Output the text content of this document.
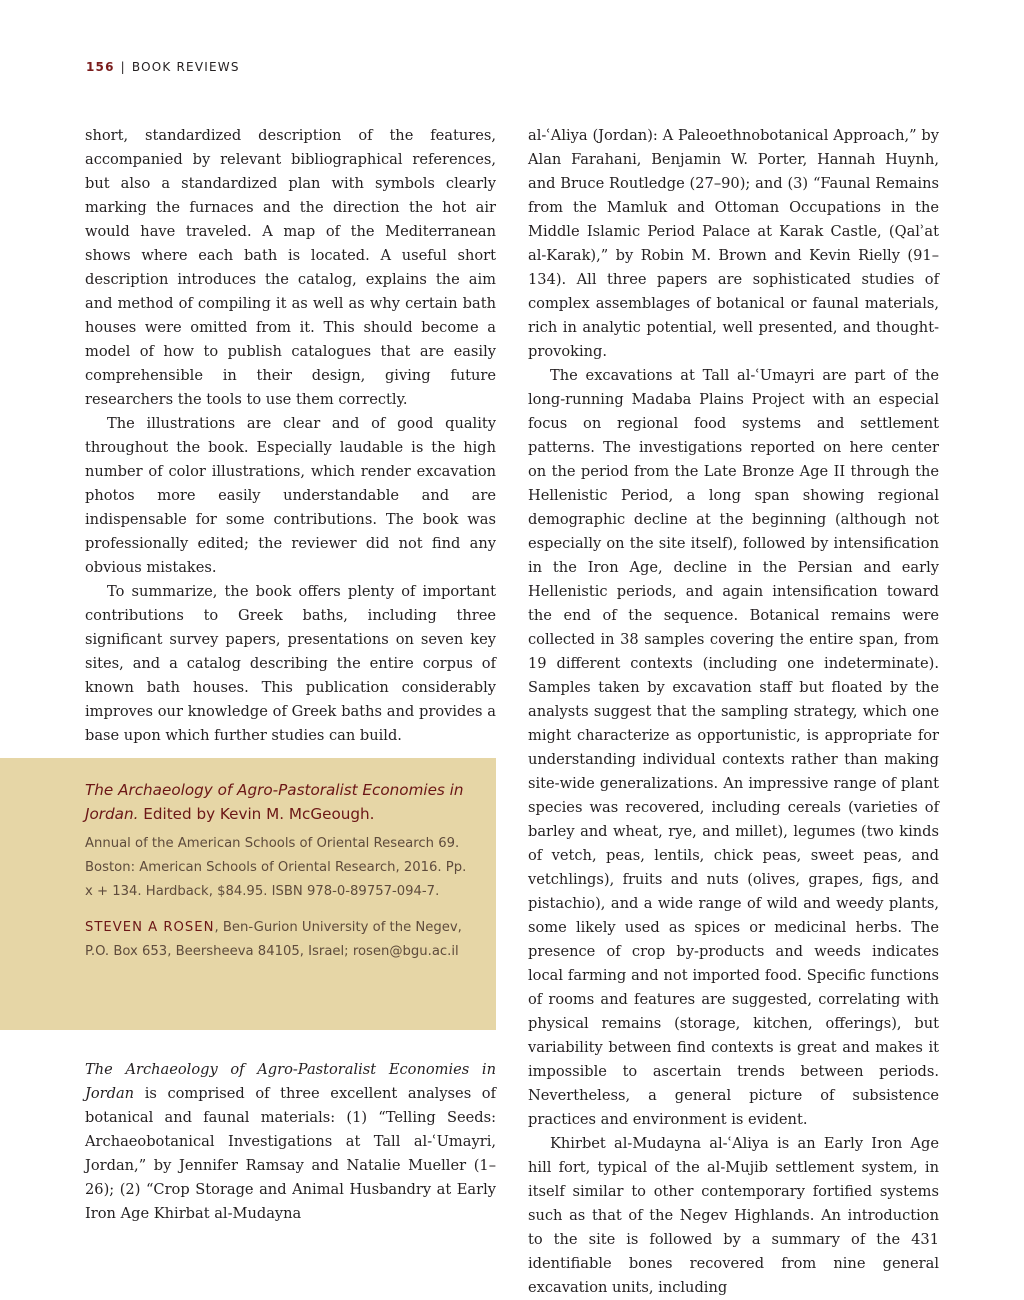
156 | BOOK REVIEWS

short, standardized description of the features, accompanied by relevant bibliographical references, but also a standardized plan with symbols clearly marking the furnaces and the direction the hot air would have traveled. A map of the Mediterranean shows where each bath is located. A useful short description introduces the catalog, explains the aim and method of compiling it as well as why certain bath houses were omitted from it. This should become a model of how to publish catalogues that are easily comprehensible in their design, giving future researchers the tools to use them correctly.

The illustrations are clear and of good quality throughout the book. Especially laudable is the high number of color illustrations, which render excavation photos more easily understandable and are indispensable for some contributions. The book was professionally edited; the reviewer did not find any obvious mistakes.

To summarize, the book offers plenty of important contributions to Greek baths, including three significant survey papers, presentations on seven key sites, and a catalog describing the entire corpus of known bath houses. This publication considerably improves our knowledge of Greek baths and provides a base upon which further studies can build.

The Archaeology of Agro-Pastoralist Economies in Jordan. Edited by Kevin M. McGeough.

Annual of the American Schools of Oriental Research 69. Boston: American Schools of Oriental Research, 2016. Pp. x + 134. Hardback, $84.95. ISBN 978-0-89757-094-7.

STEVEN A ROSEN, Ben-Gurion University of the Negev, P.O. Box 653, Beersheeva 84105, Israel; rosen@bgu.ac.il

The Archaeology of Agro-Pastoralist Economies in Jordan is comprised of three excellent analyses of botanical and faunal materials: (1) “Telling Seeds: Archaeobotanical Investigations at Tall al-ʿUmayri, Jordan,” by Jennifer Ramsay and Natalie Mueller (1–26); (2) “Crop Storage and Animal Husbandry at Early Iron Age Khirbat al-Mudayna

al-ʿAliya (Jordan): A Paleoethnobotanical Approach,” by Alan Farahani, Benjamin W. Porter, Hannah Huynh, and Bruce Routledge (27–90); and (3) “Faunal Remains from the Mamluk and Ottoman Occupations in the Middle Islamic Period Palace at Karak Castle, (Qalʾat al-Karak),” by Robin M. Brown and Kevin Rielly (91–134). All three papers are sophisticated studies of complex assemblages of botanical or faunal materials, rich in analytic potential, well presented, and thought-provoking.

The excavations at Tall al-ʿUmayri are part of the long-running Madaba Plains Project with an especial focus on regional food systems and settlement patterns. The investigations reported on here center on the period from the Late Bronze Age II through the Hellenistic Period, a long span showing regional demographic decline at the beginning (although not especially on the site itself), followed by intensification in the Iron Age, decline in the Persian and early Hellenistic periods, and again intensification toward the end of the sequence. Botanical remains were collected in 38 samples covering the entire span, from 19 different contexts (including one indeterminate). Samples taken by excavation staff but floated by the analysts suggest that the sampling strategy, which one might characterize as opportunistic, is appropriate for understanding individual contexts rather than making site-wide generalizations. An impressive range of plant species was recovered, including cereals (varieties of barley and wheat, rye, and millet), legumes (two kinds of vetch, peas, lentils, chick peas, sweet peas, and vetchlings), fruits and nuts (olives, grapes, figs, and pistachio), and a wide range of wild and weedy plants, some likely used as spices or medicinal herbs. The presence of crop by-products and weeds indicates local farming and not imported food. Specific functions of rooms and features are suggested, correlating with physical remains (storage, kitchen, offerings), but variability between find contexts is great and makes it impossible to ascertain trends between periods. Nevertheless, a general picture of subsistence practices and environment is evident.

Khirbet al-Mudayna al-ʿAliya is an Early Iron Age hill fort, typical of the al-Mujib settlement system, in itself similar to other contemporary fortified systems such as that of the Negev Highlands. An introduction to the site is followed by a summary of the 431 identifiable bones recovered from nine general excavation units, including
